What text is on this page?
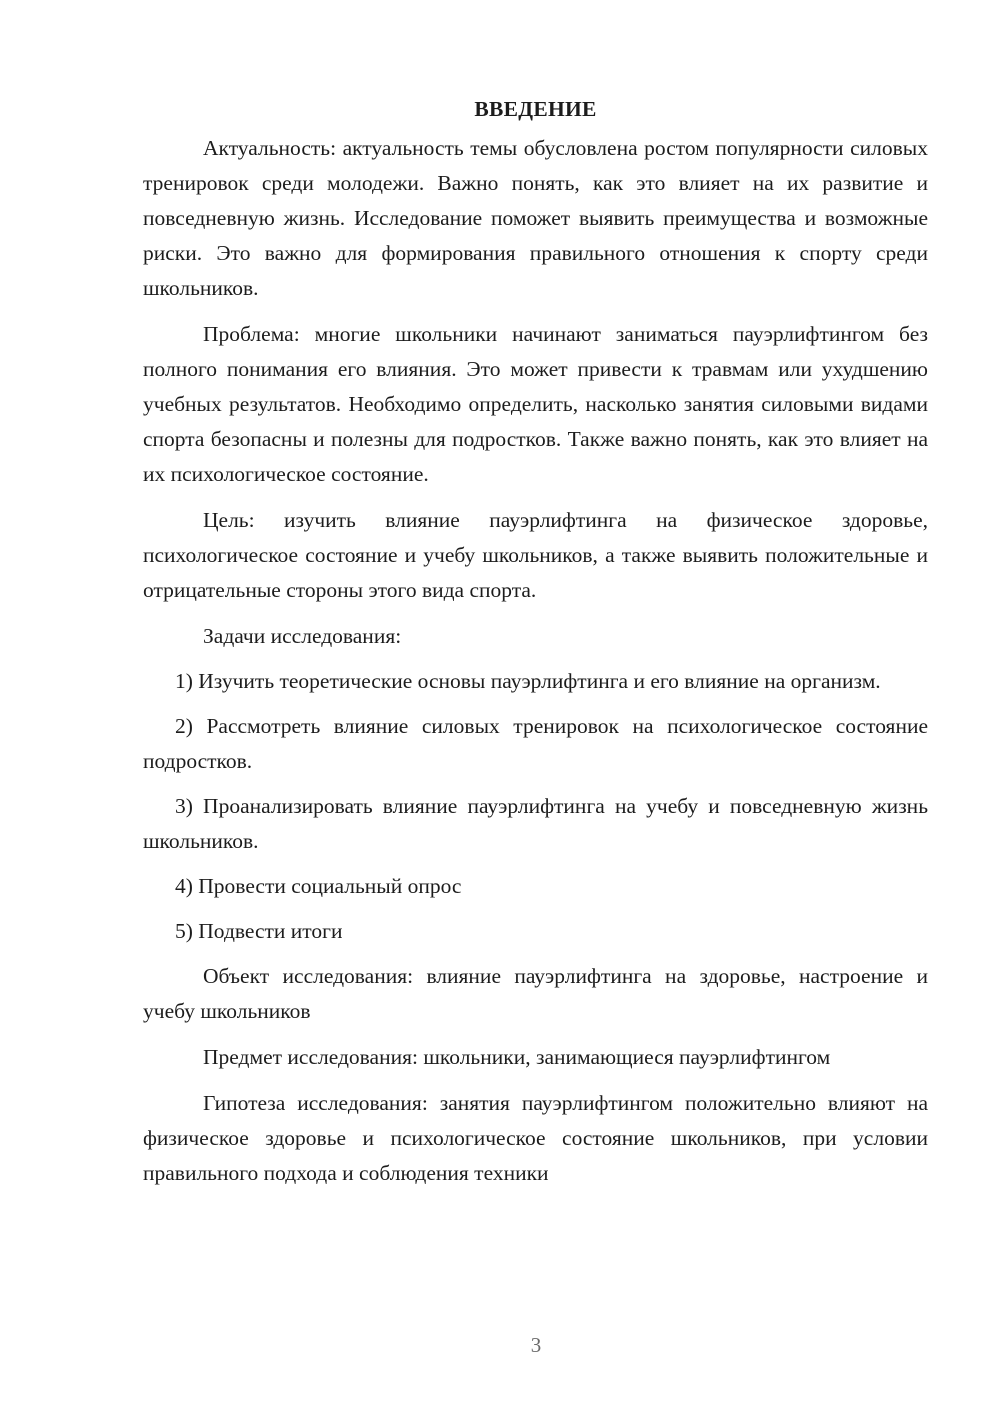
ВВЕДЕНИЕ

Актуальность: актуальность темы обусловлена ростом популярности силовых тренировок среди молодежи. Важно понять, как это влияет на их развитие и повседневную жизнь. Исследование поможет выявить преимущества и возможные риски. Это важно для формирования правильного отношения к спорту среди школьников.

Проблема: многие школьники начинают заниматься пауэрлифтингом без полного понимания его влияния. Это может привести к травмам или ухудшению учебных результатов. Необходимо определить, насколько занятия силовыми видами спорта безопасны и полезны для подростков. Также важно понять, как это влияет на их психологическое состояние.

Цель: изучить влияние пауэрлифтинга на физическое здоровье, психологическое состояние и учебу школьников, а также выявить положительные и отрицательные стороны этого вида спорта.

Задачи исследования:

1) Изучить теоретические основы пауэрлифтинга и его влияние на организм.

2) Рассмотреть влияние силовых тренировок на психологическое состояние подростков.

3) Проанализировать влияние пауэрлифтинга на учебу и повседневную жизнь школьников.

4) Провести социальный опрос

5) Подвести итоги

Объект исследования: влияние пауэрлифтинга на здоровье, настроение и учебу школьников

Предмет исследования: школьники, занимающиеся пауэрлифтингом

Гипотеза исследования: занятия пауэрлифтингом положительно влияют на физическое здоровье и психологическое состояние школьников, при условии правильного подхода и соблюдения техники

3
